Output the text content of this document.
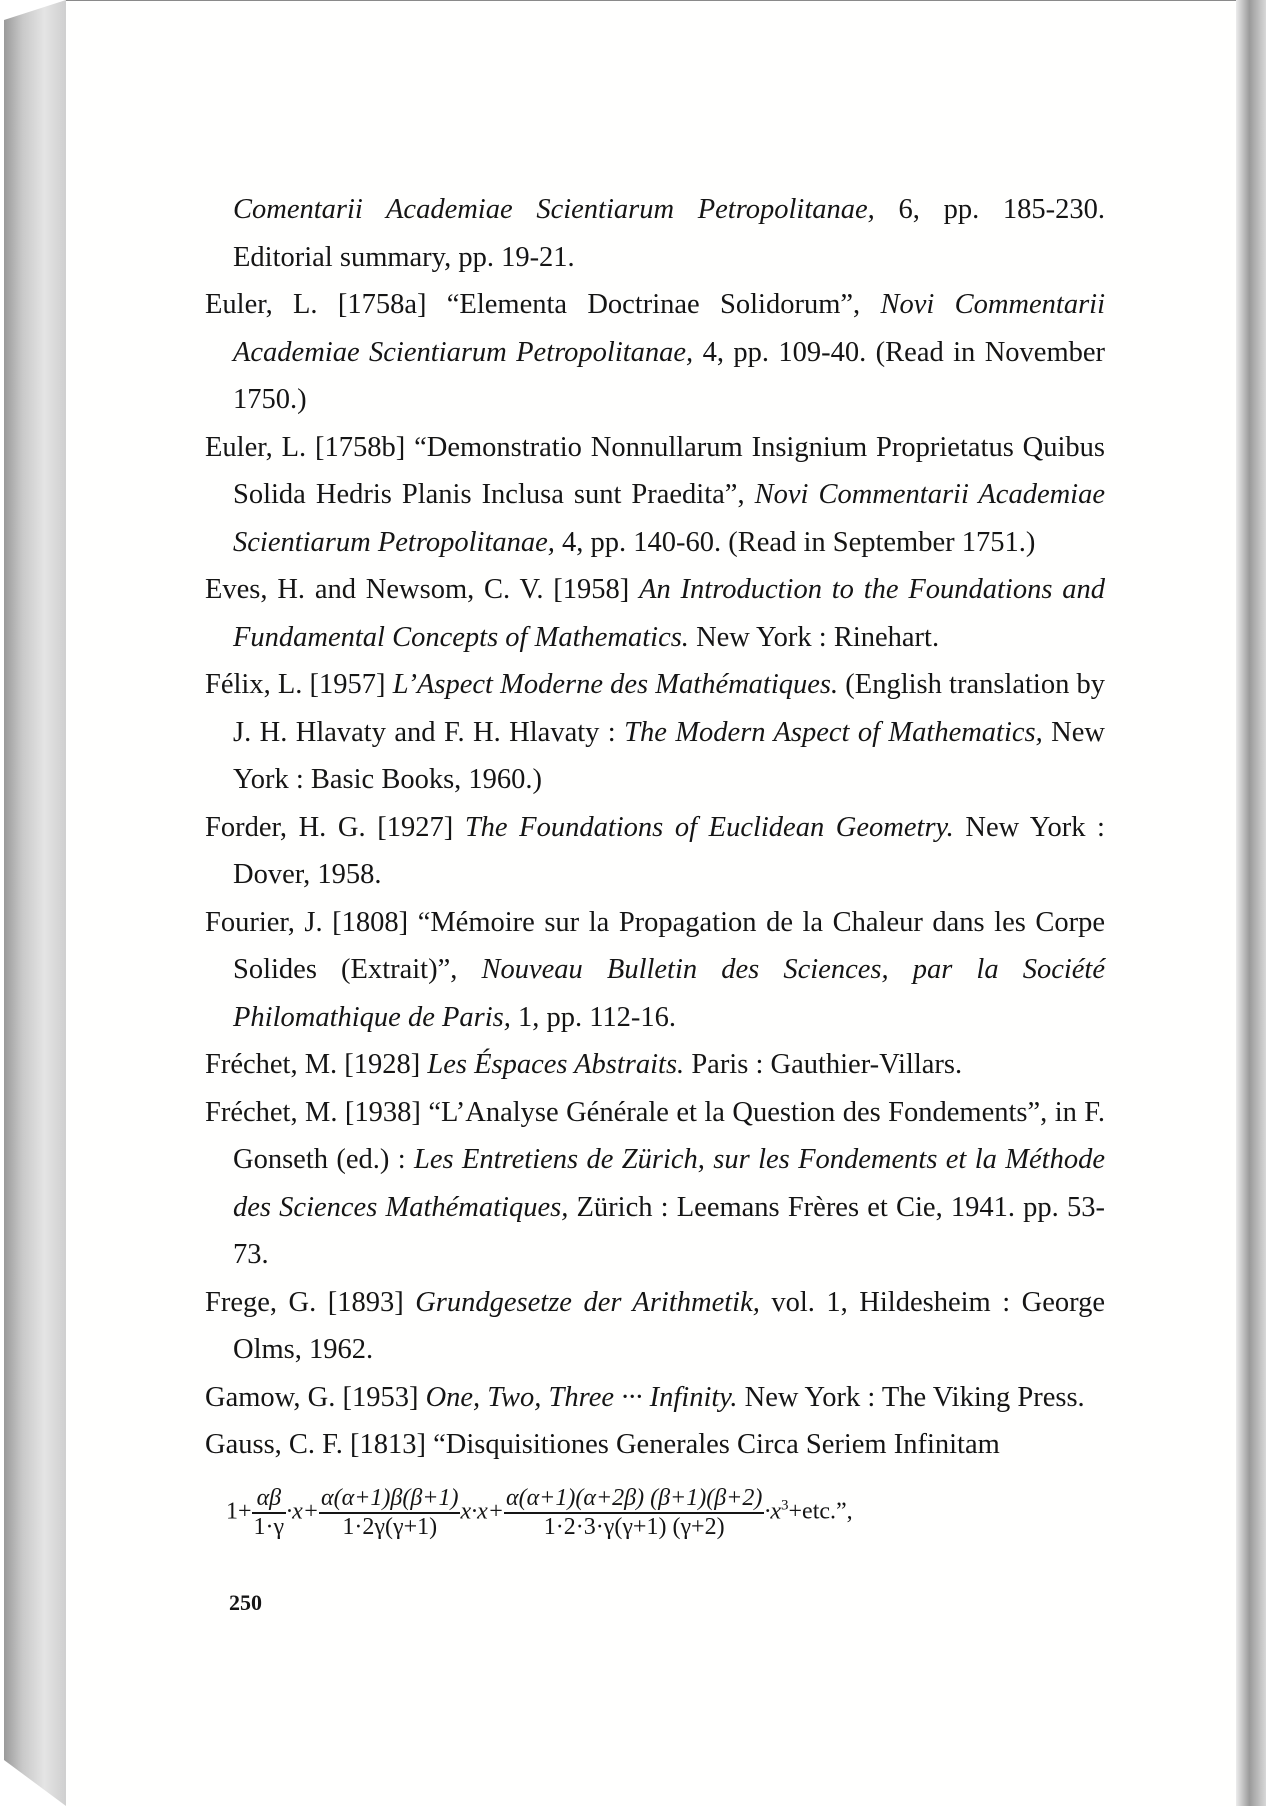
Comentarii Academiae Scientiarum Petropolitanae, 6, pp. 185-230. Editorial summary, pp. 19-21.
Euler, L. [1758a] “Elementa Doctrinae Solidorum”, Novi Commentarii Academiae Scientiarum Petropolitanae, 4, pp. 109-40. (Read in November 1750.)
Euler, L. [1758b] “Demonstratio Nonnullarum Insignium Proprietatus Quibus Solida Hedris Planis Inclusa sunt Praedita”, Novi Commentarii Academiae Scientiarum Petropolitanae, 4, pp. 140-60. (Read in September 1751.)
Eves, H. and Newsom, C. V. [1958] An Introduction to the Foundations and Fundamental Concepts of Mathematics. New York : Rinehart.
Félix, L. [1957] L’Aspect Moderne des Mathématiques. (English translation by J. H. Hlavaty and F. H. Hlavaty : The Modern Aspect of Mathematics, New York : Basic Books, 1960.)
Forder, H. G. [1927] The Foundations of Euclidean Geometry. New York : Dover, 1958.
Fourier, J. [1808] “Mémoire sur la Propagation de la Chaleur dans les Corpe Solides (Extrait)”, Nouveau Bulletin des Sciences, par la Société Philomathique de Paris, 1, pp. 112-16.
Fréchet, M. [1928] Les Éspaces Abstraits. Paris : Gauthier-Villars.
Fréchet, M. [1938] “L’Analyse Générale et la Question des Fondements”, in F. Gonseth (ed.) : Les Entretiens de Zürich, sur les Fondements et la Méthode des Sciences Mathématiques, Zürich : Leemans Frères et Cie, 1941. pp. 53-73.
Frege, G. [1893] Grundgesetze der Arithmetik, vol. 1, Hildesheim : George Olms, 1962.
Gamow, G. [1953] One, Two, Three ··· Infinity. New York : The Viking Press.
Gauss, C. F. [1813] “Disquisitiones Generales Circa Seriem Infinitam
$1+ \frac{\alpha\beta}{1\cdot\gamma} \cdot x+ \frac{\alpha(\alpha+1)\beta(\beta+1)}{1\cdot 2\gamma(\gamma+1)} x\cdot x+ \frac{\alpha(\alpha+1)(\alpha+2\beta) (\beta+1)(\beta+2)}{1\cdot 2\cdot 3\cdot\gamma(\gamma+1) (\gamma+2)} \cdot x^3+etc$.”,
250
